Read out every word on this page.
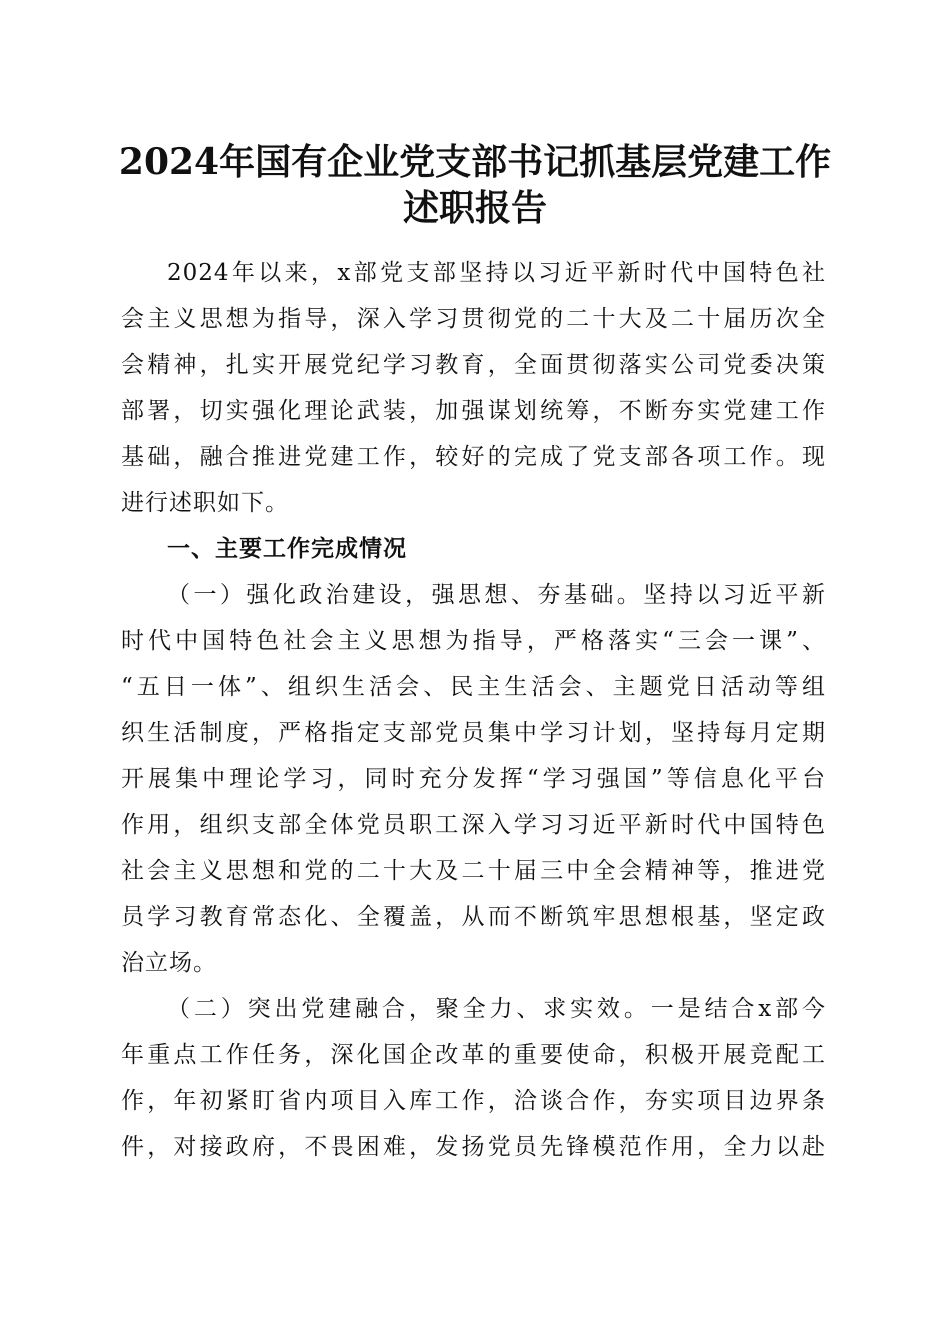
2024年国有企业党支部书记抓基层党建工作
述职报告
2024年以来，x部党支部坚持以习近平新时代中国特色社
会主义思想为指导，深入学习贯彻党的二十大及二十届历次全
会精神，扎实开展党纪学习教育，全面贯彻落实公司党委决策
部署，切实强化理论武装，加强谋划统筹，不断夯实党建工作
基础，融合推进党建工作，较好的完成了党支部各项工作。现
进行述职如下。
一、主要工作完成情况
（一）强化政治建设，强思想、夯基础。坚持以习近平新
时代中国特色社会主义思想为指导，严格落实“三会一课”、
“五日一体”、组织生活会、民主生活会、主题党日活动等组
织生活制度，严格指定支部党员集中学习计划，坚持每月定期
开展集中理论学习，同时充分发挥“学习强国”等信息化平台
作用，组织支部全体党员职工深入学习习近平新时代中国特色
社会主义思想和党的二十大及二十届三中全会精神等，推进党
员学习教育常态化、全覆盖，从而不断筑牢思想根基，坚定政
治立场。
（二）突出党建融合，聚全力、求实效。一是结合x部今
年重点工作任务，深化国企改革的重要使命，积极开展竞配工
作，年初紧盯省内项目入库工作，洽谈合作，夯实项目边界条
件，对接政府，不畏困难，发扬党员先锋模范作用，全力以赴
